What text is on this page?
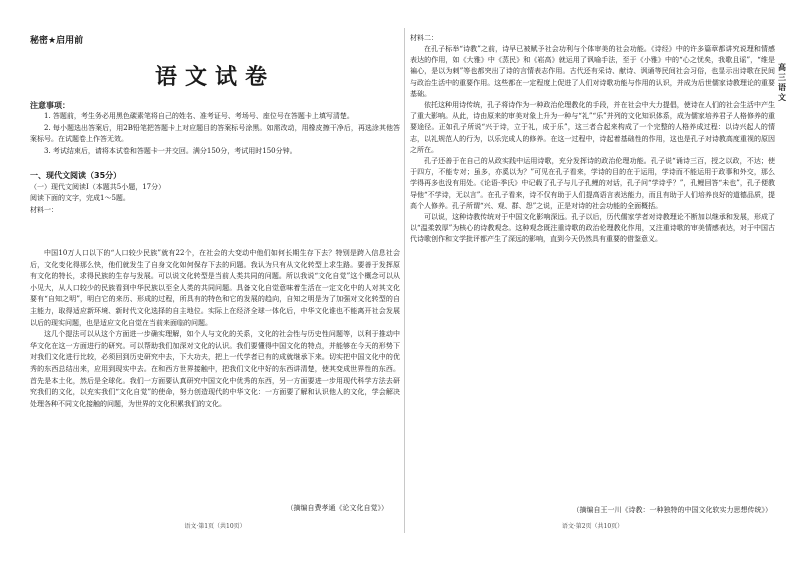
秘密★启用前
语文试卷
注意事项：

1. 答题前，考生务必用黑色碳素笔将自己的姓名、准考证号、考场号、座位号在答题卡上填写清楚。

2. 每小题选出答案后，用2B铅笔把答题卡上对应题目的答案标号涂黑。如需改动，用橡皮擦干净后，再选涂其他答案标号。在试题卷上作答无效。

3. 考试结束后，请将本试卷和答题卡一并交回。满分150分，考试用时150分钟。

一、现代文阅读（35分）

（一）现代文阅读Ⅰ（本题共5小题，17分）

阅读下面的文字，完成1～5题。

材料一：

中国10万人口以下的“人口较少民族”就有22个，在社会的大变动中他们如何长期生存下去？特别是跨入信息社会后，文化变化得那么快，他们就发生了自身文化如何保存下去的问题。我认为只有从文化转型上求生路。要善于发挥原有文化的特长，求得民族的生存与发展。可以说文化转型是当前人类共同的问题。所以我说“文化自觉”这个概念可以从小见大，从人口较少的民族看到中华民族以至全人类的共同问题。具备文化自觉意味着生活在一定文化中的人对其文化要有“自知之明”，明白它的来历、形成的过程，所具有的特色和它的发展的趋向，自知之明是为了加强对文化转型的自主能力，取得适应新环境、新时代文化选择的自主地位。实际上在经济全球一体化后，中华文化谁也不能离开社会发展以后的现实问题，也是适应文化自觉在当前来面临的问题。

这几个提法可以从这个方面进一步确实理解，如个人与文化的关系，文化的社会性与历史性问题等，以利于推动中华文化在这一方面进行的研究。可以帮助我们加深对文化的认识。我们要懂得中国文化的特点，并能够在今天的形势下对我们文化进行比较，必须回到历史研究中去，下大功夫，把上一代学者已有的成就继承下来。切实把中国文化中的优秀的东西总结出来，应用到现实中去。在和西方世界接触中，把我们文化中好的东西讲清楚，使其变成世界性的东西。首先是本土化，然后是全球化。我们一方面要认真研究中国文化中优秀的东西，另一方面要进一步用现代科学方法去研究我们的文化，以充实我们“文化自觉”的使命，努力创造现代的中华文化：一方面要了解和认识他人的文化，学会解决处理各种不同文化接触的问题，为世界的文化积累我们的文化。

（摘编自费孝通《论文化自觉》）
语文·第1页（共10页）
材料二：

在孔子标举“诗教”之前，诗早已被赋予社会功利与个体审美的社会功能。《诗经》中的许多篇章都讲究说理和情感表达的作用，如《大雅》中《蒸民》和《崧高》就运用了讽喻手法，至于《小雅》中的“心之忧矣，我歌且谣”，“维是褊心，是以为刺”等也都突出了诗的言情表志作用。古代还有采诗、献诗、讽诵等民间社会习俗，也显示出诗歌在民间与政治生活中的重要作用。这些都在一定程度上促进了人们对诗歌功能与作用的认识，并成为后世儒家诗教理论的重要基础。

依托这种用诗传统，孔子将诗作为一种政治伦理教化的手段，并在社会中大力提倡，使诗在人们的社会生活中产生了重大影响。从此，诗由原来的审美对象上升为一种与“礼”“乐”并列的文化知识体系，成为儒家培养君子人格修养的重要途径。正如孔子所说“兴于诗，立于礼，成于乐”，这三者合起来构成了一个完整的人格养成过程：以诗兴起人的情志，以礼规范人的行为，以乐完成人的修养。在这一过程中，诗起着基础性的作用，这也是孔子对诗教高度重视的原因之所在。

孔子还善于在自己的从政实践中运用诗歌，充分发挥诗的政治伦理功能。孔子说“诵诗三百，授之以政，不达；使于四方，不能专对；虽多，亦奚以为？”可见在孔子看来，学诗的目的在于运用，学诗而不能运用于政事和外交，那么学得再多也没有用处。《论语·季氏》中记载了孔子与儿子孔鲤的对话，孔子问“学诗乎？”，孔鲤回答“未也”，孔子便教导他“不学诗，无以言”。在孔子看来，诗不仅有助于人们提高语言表达能力，而且有助于人们培养良好的道德品质，提高个人修养。孔子所谓“兴、观、群、怨”之说，正是对诗的社会功能的全面概括。

可以说，这种诗教传统对于中国文化影响深远。孔子以后，历代儒家学者对诗教理论不断加以继承和发展，形成了以“温柔敦厚”为核心的诗教观念。这种观念既注重诗歌的政治伦理教化作用，又注重诗歌的审美情感表达，对于中国古代诗歌创作和文学批评都产生了深远的影响，直到今天仍然具有重要的借鉴意义。

（摘编自王一川《诗教：一种独特的中国文化软实力思想传统》）
语文·第2页（共10页）
高三语文
